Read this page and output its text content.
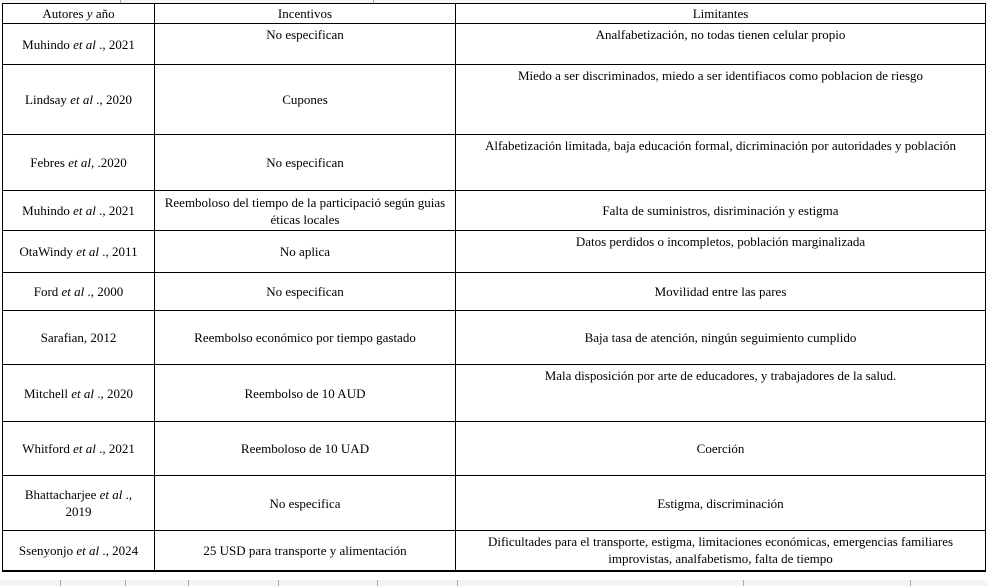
Autores y año	Incentivos	Limitantes
Muhindo et al ., 2021	No especifican	Analfabetización, no todas tienen celular propio
Lindsay et al ., 2020	Cupones	Miedo a ser discriminados, miedo a ser identifiacos como poblacion de riesgo
Febres et al, .2020	No especifican	Alfabetización limitada, baja educación formal, dicriminación por autoridades y población
Muhindo et al ., 2021	Reemboloso del tiempo de la participació según guias éticas locales	Falta de suministros, disriminación y estigma
OtaWindy et al ., 2011	No aplica	Datos perdidos o incompletos, población marginalizada
Ford et al ., 2000	No especifican	Movilidad entre las pares
Sarafian, 2012	Reembolso económico por tiempo gastado	Baja tasa de atención, ningún seguimiento cumplido
Mitchell et al ., 2020	Reembolso de 10 AUD	Mala disposición por arte de educadores, y trabajadores de la salud.
Whitford et al ., 2021	Reemboloso de 10 UAD	Coerción
Bhattacharjee et al ., 2019	No especifica	Estigma, discriminación
Ssenyonjo et al ., 2024	25 USD para transporte y alimentación	Dificultades para el transporte, estigma, limitaciones económicas, emergencias familiares improvistas, analfabetismo, falta de tiempo
